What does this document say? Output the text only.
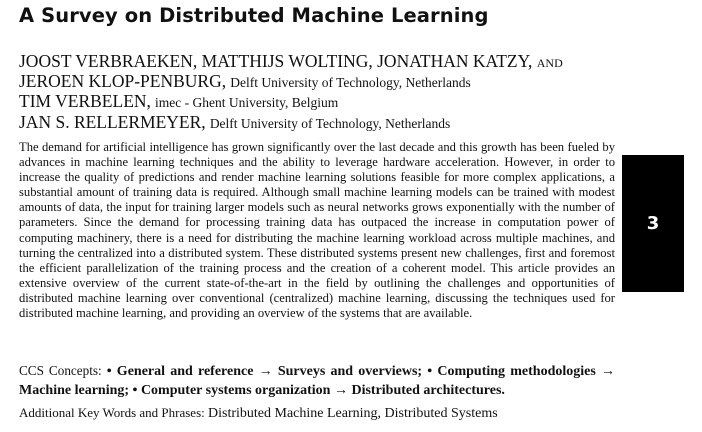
A Survey on Distributed Machine Learning
JOOST VERBRAEKEN, MATTHIJS WOLTING, JONATHAN KATZY, and JEROEN KLOP-PENBURG, Delft University of Technology, Netherlands
TIM VERBELEN, imec - Ghent University, Belgium
JAN S. RELLERMEYER, Delft University of Technology, Netherlands

The demand for artificial intelligence has grown significantly over the last decade and this growth has been fueled by advances in machine learning techniques and the ability to leverage hardware acceleration. However, in order to increase the quality of predictions and render machine learning solutions feasible for more complex applications, a substantial amount of training data is required. Although small machine learning models can be trained with modest amounts of data, the input for training larger models such as neural networks grows exponentially with the number of parameters. Since the demand for processing training data has outpaced the increase in computation power of computing machinery, there is a need for distributing the machine learning workload across multiple machines, and turning the centralized into a distributed system. These distributed systems present new challenges, first and foremost the efficient parallelization of the training process and the creation of a coherent model. This article provides an extensive overview of the current state-of-the-art in the field by outlining the challenges and opportunities of distributed machine learning over conventional (centralized) machine learning, discussing the techniques used for distributed machine learning, and providing an overview of the systems that are available.

CCS Concepts: • General and reference → Surveys and overviews; • Computing methodologies → Machine learning; • Computer systems organization → Distributed architectures.
Additional Key Words and Phrases: Distributed Machine Learning, Distributed Systems
3
